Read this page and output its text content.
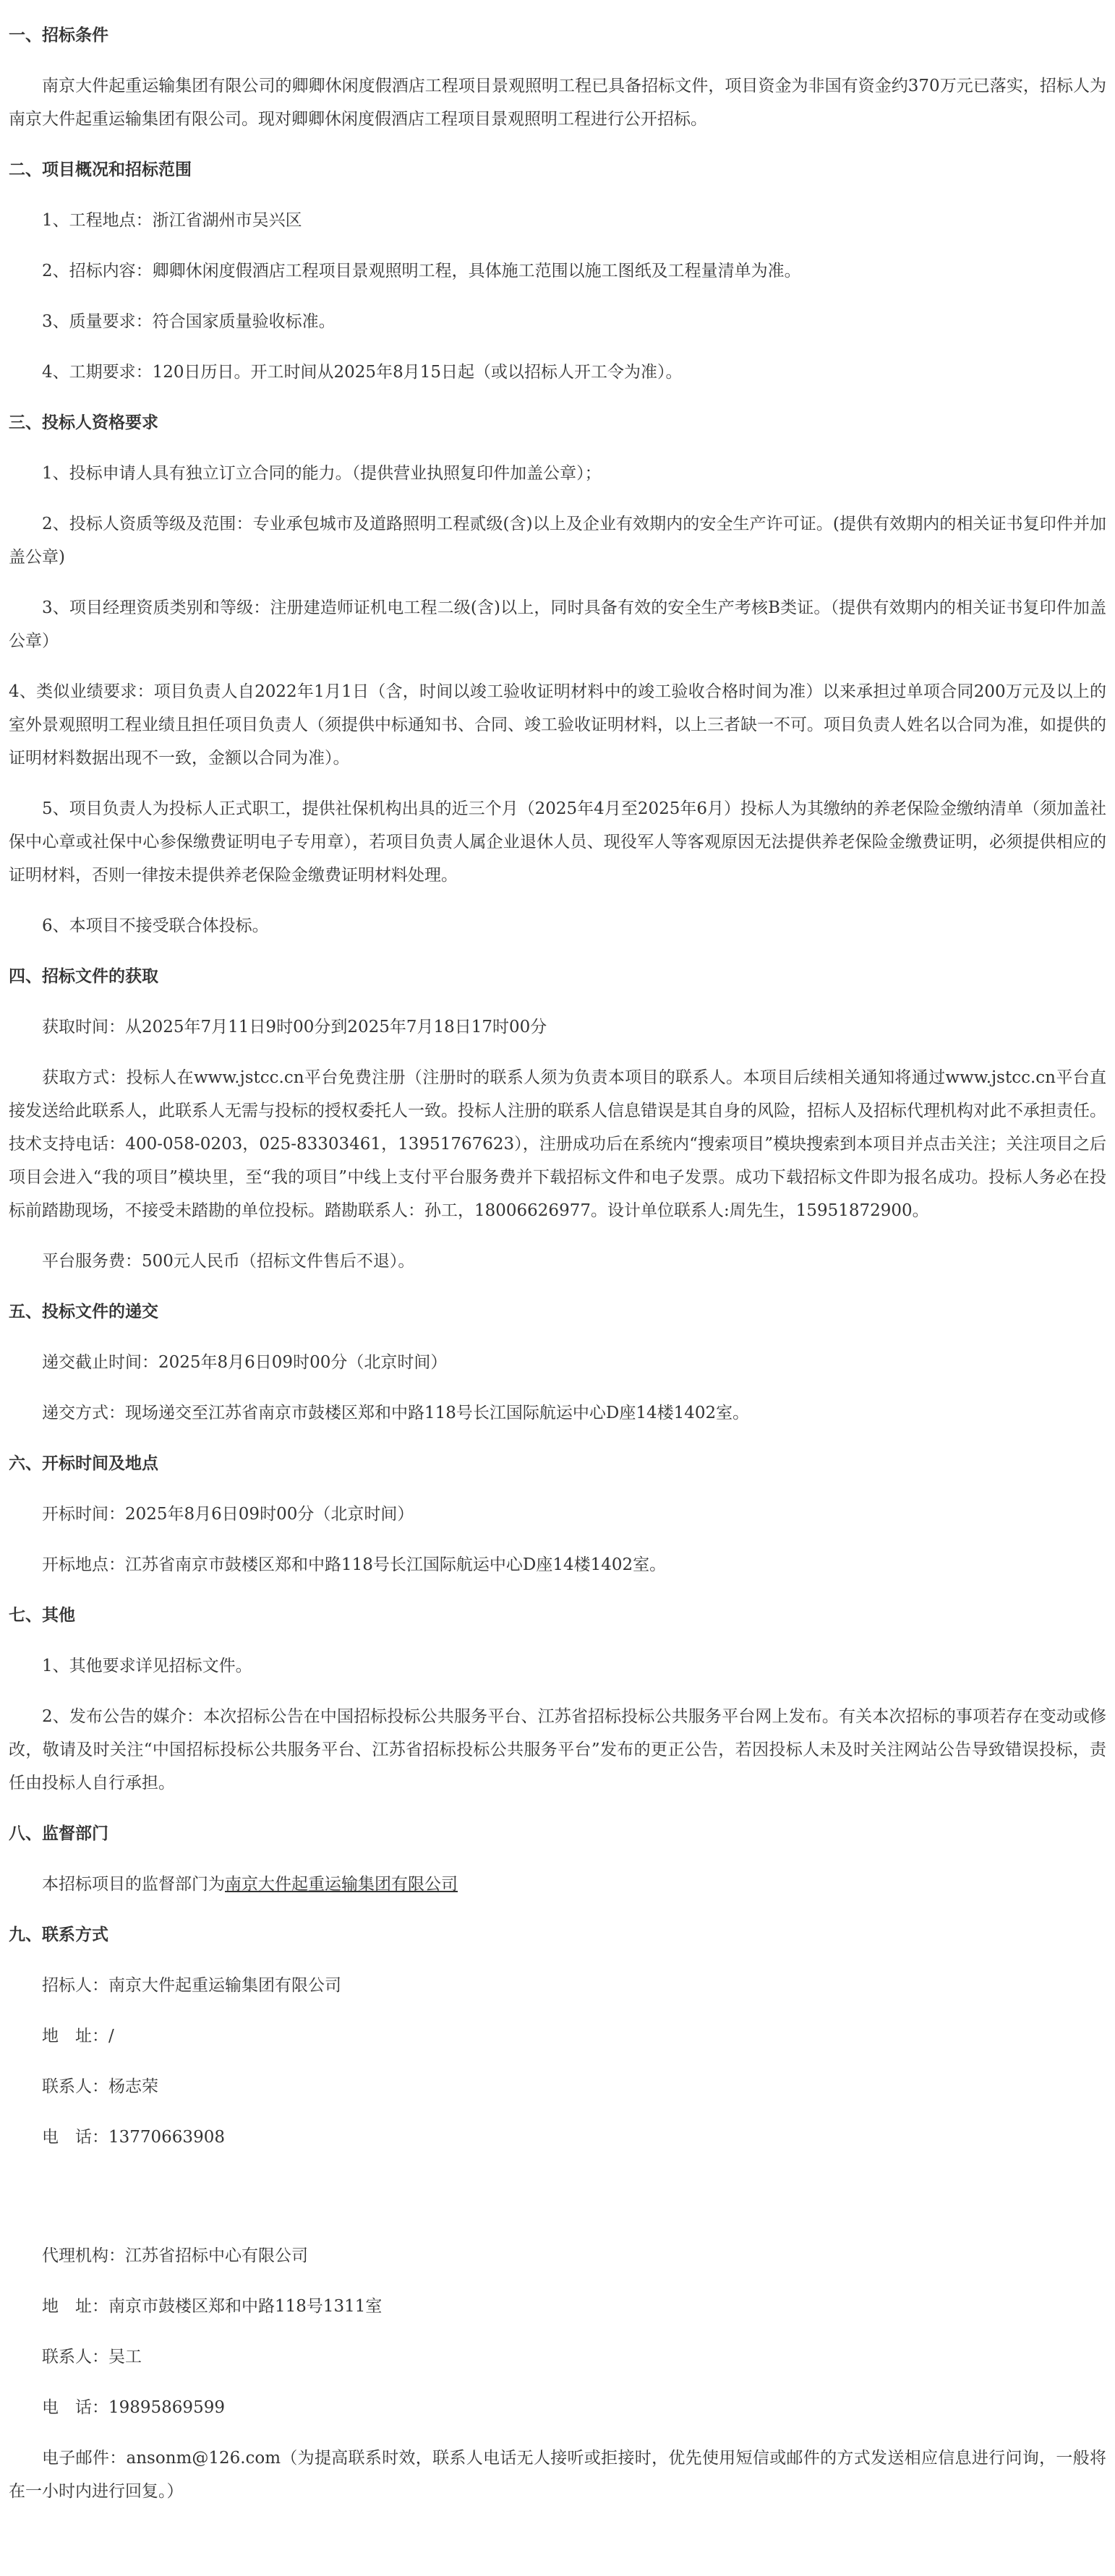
一、招标条件

南京大件起重运输集团有限公司的卿卿休闲度假酒店工程项目景观照明工程已具备招标文件，项目资金为非国有资金约370万元已落实，招标人为南京大件起重运输集团有限公司。现对卿卿休闲度假酒店工程项目景观照明工程进行公开招标。

二、项目概况和招标范围

1、工程地点：浙江省湖州市吴兴区

2、招标内容：卿卿休闲度假酒店工程项目景观照明工程，具体施工范围以施工图纸及工程量清单为准。

3、质量要求：符合国家质量验收标准。

4、工期要求：120日历日。开工时间从2025年8月15日起（或以招标人开工令为准）。

三、投标人资格要求

1、投标申请人具有独立订立合同的能力。（提供营业执照复印件加盖公章）；

2、投标人资质等级及范围：专业承包城市及道路照明工程贰级(含)以上及企业有效期内的安全生产许可证。(提供有效期内的相关证书复印件并加盖公章)

3、项目经理资质类别和等级：注册建造师证机电工程二级(含)以上，同时具备有效的安全生产考核B类证。（提供有效期内的相关证书复印件加盖公章）

4、类似业绩要求：项目负责人自2022年1月1日（含，时间以竣工验收证明材料中的竣工验收合格时间为准）以来承担过单项合同200万元及以上的室外景观照明工程业绩且担任项目负责人（须提供中标通知书、合同、竣工验收证明材料，以上三者缺一不可。项目负责人姓名以合同为准，如提供的证明材料数据出现不一致，金额以合同为准）。

5、项目负责人为投标人正式职工，提供社保机构出具的近三个月（2025年4月至2025年6月）投标人为其缴纳的养老保险金缴纳清单（须加盖社保中心章或社保中心参保缴费证明电子专用章），若项目负责人属企业退休人员、现役军人等客观原因无法提供养老保险金缴费证明，必须提供相应的证明材料，否则一律按未提供养老保险金缴费证明材料处理。

6、本项目不接受联合体投标。

四、招标文件的获取

获取时间：从2025年7月11日9时00分到2025年7月18日17时00分

获取方式：投标人在www.jstcc.cn平台免费注册（注册时的联系人须为负责本项目的联系人。本项目后续相关通知将通过www.jstcc.cn平台直接发送给此联系人，此联系人无需与投标的授权委托人一致。投标人注册的联系人信息错误是其自身的风险，招标人及招标代理机构对此不承担责任。技术支持电话：400-058-0203，025-83303461，13951767623），注册成功后在系统内“搜索项目”模块搜索到本项目并点击关注；关注项目之后项目会进入“我的项目”模块里，至“我的项目”中线上支付平台服务费并下载招标文件和电子发票。成功下载招标文件即为报名成功。投标人务必在投标前踏勘现场，不接受未踏勘的单位投标。踏勘联系人：孙工，18006626977。设计单位联系人:周先生，15951872900。

平台服务费：500元人民币（招标文件售后不退）。

五、投标文件的递交

递交截止时间：2025年8月6日09时00分（北京时间）

递交方式：现场递交至江苏省南京市鼓楼区郑和中路118号长江国际航运中心D座14楼1402室。

六、开标时间及地点

开标时间：2025年8月6日09时00分（北京时间）

开标地点：江苏省南京市鼓楼区郑和中路118号长江国际航运中心D座14楼1402室。

七、其他

1、其他要求详见招标文件。

2、发布公告的媒介：本次招标公告在中国招标投标公共服务平台、江苏省招标投标公共服务平台网上发布。有关本次招标的事项若存在变动或修改，敬请及时关注“中国招标投标公共服务平台、江苏省招标投标公共服务平台”发布的更正公告，若因投标人未及时关注网站公告导致错误投标，责任由投标人自行承担。

八、监督部门

本招标项目的监督部门为南京大件起重运输集团有限公司

九、联系方式

招标人：南京大件起重运输集团有限公司

地　址：/

联系人：杨志荣

电　话：13770663908

代理机构：江苏省招标中心有限公司

地　址：南京市鼓楼区郑和中路118号1311室

联系人：吴工

电　话：19895869599

电子邮件：ansonm@126.com（为提高联系时效，联系人电话无人接听或拒接时，优先使用短信或邮件的方式发送相应信息进行问询，一般将在一小时内进行回复。）
